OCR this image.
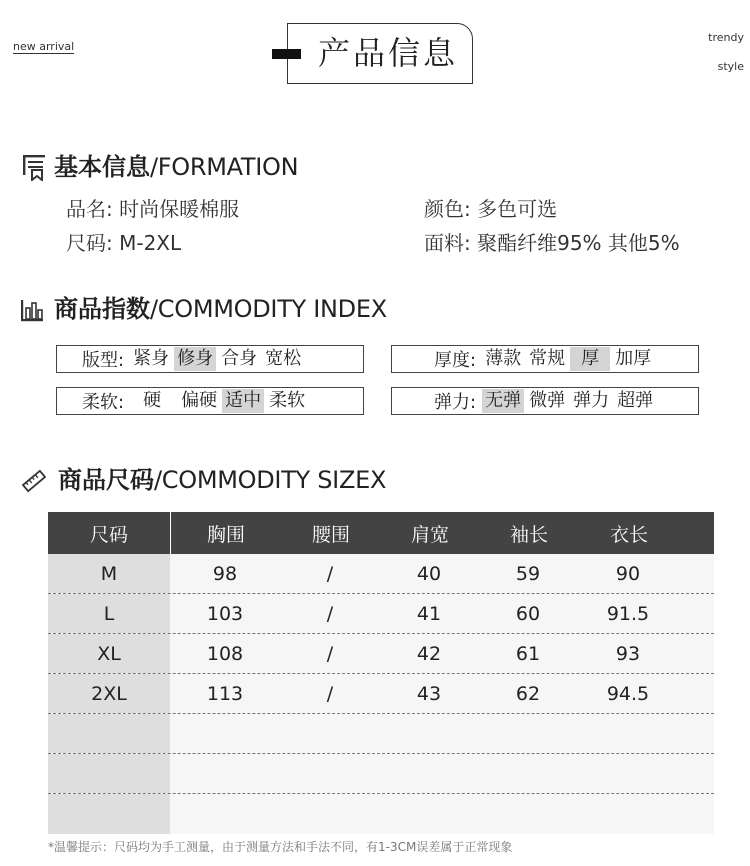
new arrival
trendy
style
产品信息
基本信息/FORMATION
品名: 时尚保暖棉服	颜色: 多色可选
尺码: M-2XL	面料: 聚酯纤维95% 其他5%
商品指数/COMMODITY INDEX
版型: 紧身 修身 合身 宽松	厚度: 薄款 常规 厚 加厚
柔软: 硬 偏硬 适中 柔软	弹力: 无弹 微弹 弹力 超弹
商品尺码/COMMODITY SIZEX
尺码	胸围	腰围	肩宽	袖长	衣长
M	98	/	40	59	90
L	103	/	41	60	91.5
XL	108	/	42	61	93
2XL	113	/	43	62	94.5
*温馨提示：尺码均为手工测量，由于测量方法和手法不同，有1-3CM误差属于正常现象
